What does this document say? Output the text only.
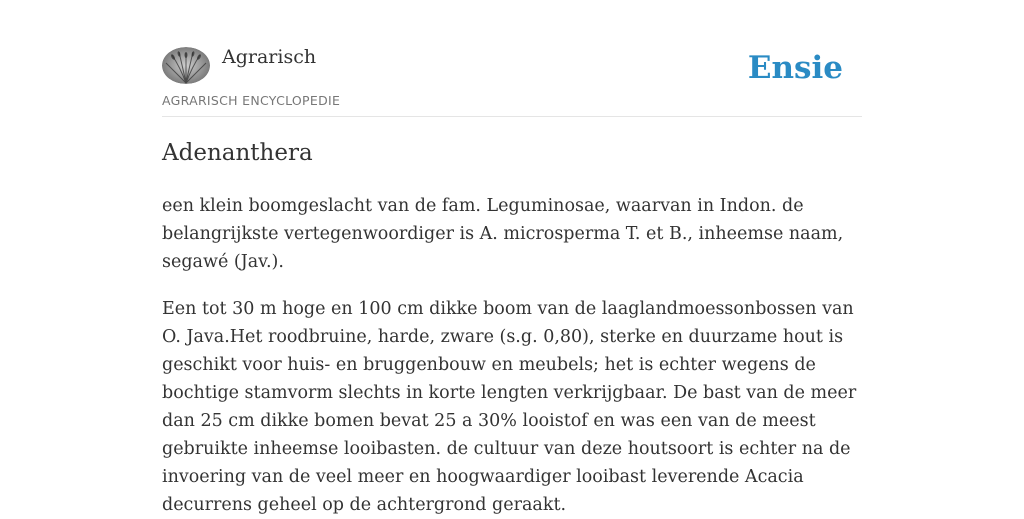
Agrarisch
AGRARISCH ENCYCLOPEDIE
Ensie
Adenanthera

een klein boomgeslacht van de fam. Leguminosae, waarvan in Indon. de belangrijkste vertegenwoordiger is A. microsperma T. et B., inheemse naam, segawé (Jav.).

Een tot 30 m hoge en 100 cm dikke boom van de laaglandmoessonbossen van O. Java.Het roodbruine, harde, zware (s.g. 0,80), sterke en duurzame hout is geschikt voor huis- en bruggenbouw en meubels; het is echter wegens de bochtige stamvorm slechts in korte lengten verkrijgbaar. De bast van de meer dan 25 cm dikke bomen bevat 25 a 30% looistof en was een van de meest gebruikte inheemse looibasten. de cultuur van deze houtsoort is echter na de invoering van de veel meer en hoogwaardiger looibast leverende Acacia decurrens geheel op de achtergrond geraakt.
